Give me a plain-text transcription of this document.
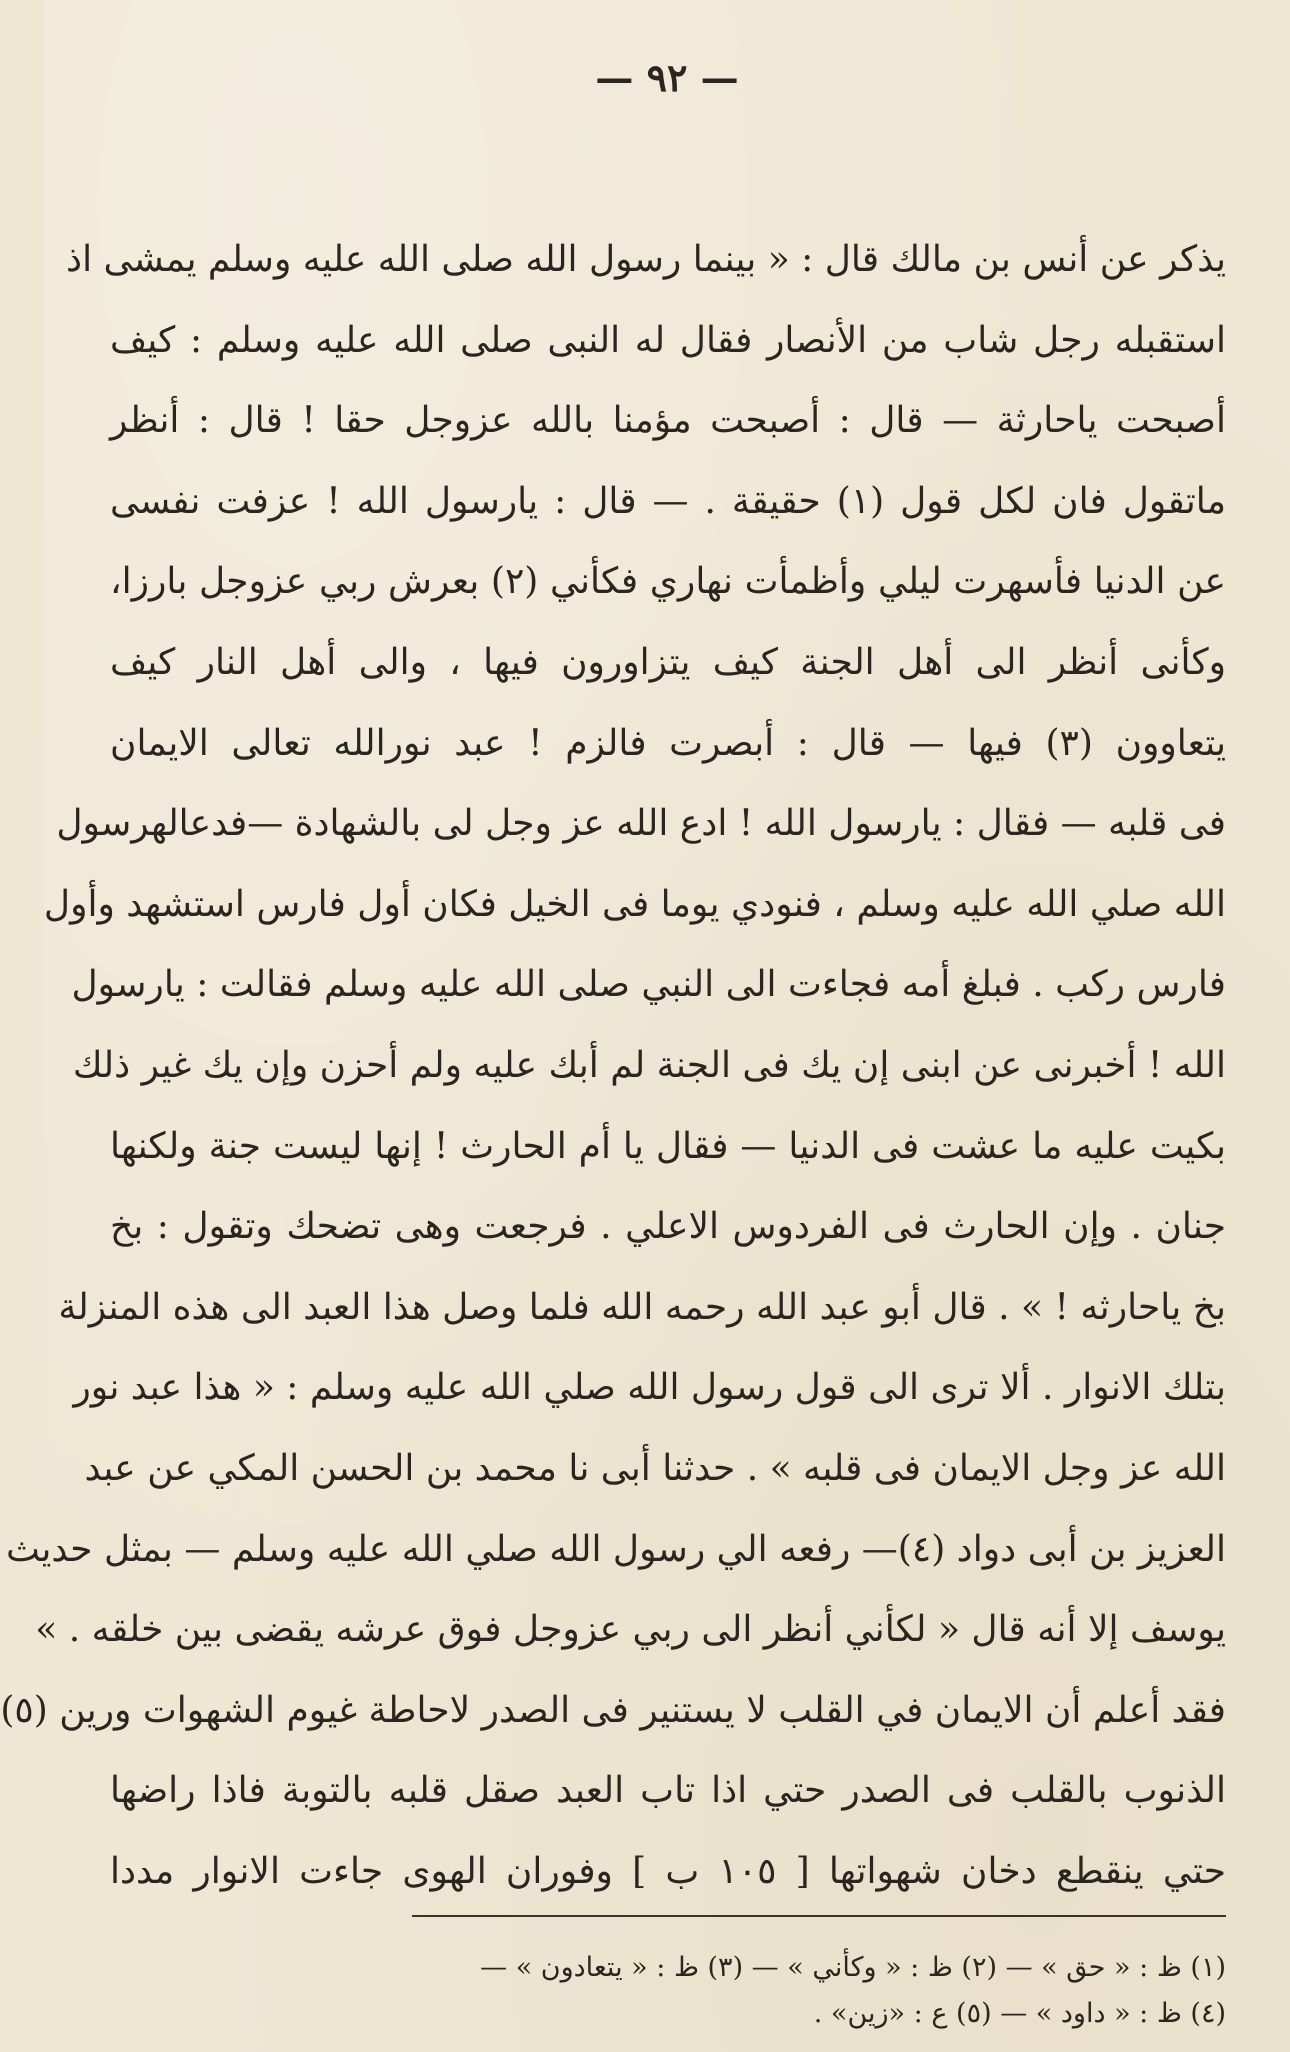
— ٩٢ —
يذكر عن أنس بن مالك قال : « بينما رسول الله صلى الله عليه وسلم يمشى اذ
استقبله رجل شاب من الأنصار فقال له النبى صلى الله عليه وسلم : كيف
أصبحت ياحارثة — قال : أصبحت مؤمنا بالله عزوجل حقا ! قال : أنظر
ماتقول فان لكل قول (١) حقيقة . — قال : يارسول الله ! عزفت نفسى
عن الدنيا فأسهرت ليلي وأظمأت نهاري فكأني (٢) بعرش ربي عزوجل بارزا،
وكأنى أنظر الى أهل الجنة كيف يتزاورون فيها ، والى أهل النار كيف
يتعاوون (٣) فيها — قال : أبصرت فالزم ! عبد نورالله تعالى الايمان
فى قلبه — فقال : يارسول الله ! ادع الله عز وجل لى بالشهادة —فدعالهرسول
الله صلي الله عليه وسلم ، فنودي يوما فى الخيل فكان أول فارس استشهد وأول
فارس ركب . فبلغ أمه فجاءت الى النبي صلى الله عليه وسلم فقالت : يارسول
الله ! أخبرنى عن ابنى إن يك فى الجنة لم أبك عليه ولم أحزن وإن يك غير ذلك
بكيت عليه ما عشت فى الدنيا — فقال يا أم الحارث ! إنها ليست جنة ولكنها
جنان . وإن الحارث فى الفردوس الاعلي . فرجعت وهى تضحك وتقول : بخ
بخ ياحارثه ! » . قال أبو عبد الله رحمه الله فلما وصل هذا العبد الى هذه المنزلة
بتلك الانوار . ألا ترى الى قول رسول الله صلي الله عليه وسلم : « هذا عبد نور
الله عز وجل الايمان فى قلبه » . حدثنا أبى نا محمد بن الحسن المكي عن عبد
العزيز بن أبى دواد (٤)— رفعه الي رسول الله صلي الله عليه وسلم — بمثل حديث
يوسف إلا أنه قال « لكأني أنظر الى ربي عزوجل فوق عرشه يقضى بين خلقه . »
فقد أعلم أن الايمان في القلب لا يستنير فى الصدر لاحاطة غيوم الشهوات ورين (٥)
الذنوب بالقلب فى الصدر حتي اذا تاب العبد صقل قلبه بالتوبة فاذا راضها
حتي ينقطع دخان شهواتها [ ١٠٥ ب ] وفوران الهوى جاءت الانوار مددا
(١) ظ : « حق » — (٢) ظ : « وكأني » — (٣) ظ : « يتعادون » —
(٤) ظ : « داود » — (٥) ع : «زين» .
